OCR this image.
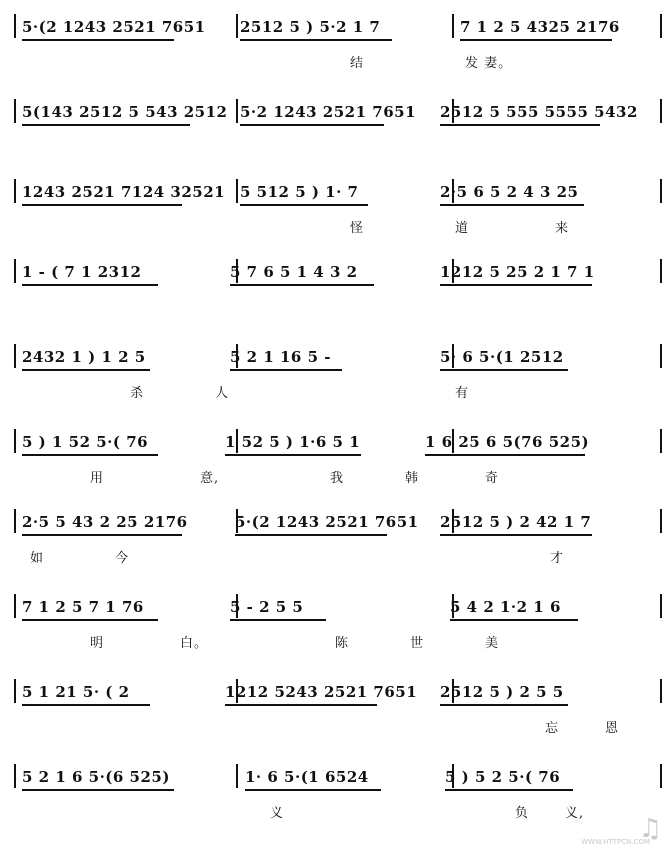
5·(2 1243 2521 7651 2512 5 ) 5·2 1 7	7 1 2 5 4325 2176
结	发 妻。
5(143 2512 5 543 2512 5·2 1243 2521 7651 2512 5 555 5555 5432
1243 2521 7124 32521 5 512 5 ) 1· 7	2·5 6 5 2 4 3 25
怪	道	来
1 - ( 7 1 2312	5 7 6 5 1 4 3 2	1212 5 25 2 1 7 1
2432 1 ) 1 2 5	5 2 1 16 5 -	5· 6 5·(1 2512
杀	人	有
5 ) 1 52 5·( 76	1 52 5 ) 1·6 5 1	1 6 25 6 5(76 525)
用	意,	我	韩	奇
2·5 5 43 2 25 2176	5·(2 1243 2521 7651 2512 5 ) 2 42 1 7
如	今	才
7 1 2 5 7 1 76	5 - 2 5 5	5 4 2 1·2 1 6
明	白。	陈	世	美
5 1 21 5· ( 2	1212 5243 2521 7651 2512 5 ) 2 5 5
忘	恩
5 2 1 6 5·(6 525)	1· 6 5·(1 6524	5 ) 5 2 5·( 76
义	负	义,
♫
WWW.HTTPCN.COM
